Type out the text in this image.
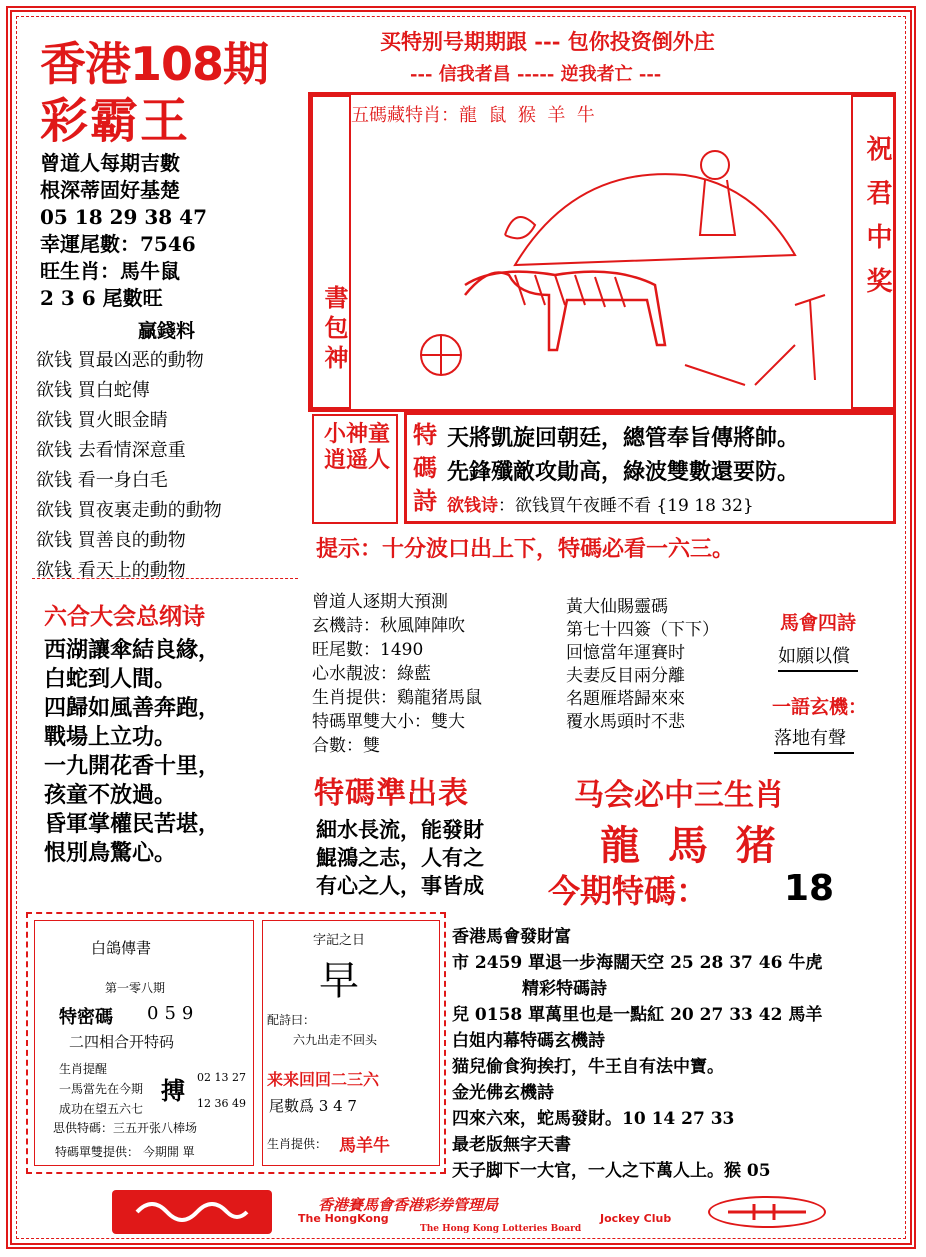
香港108期
彩霸王
曾道人每期吉數
根深蒂固好基楚
05 18 29 38 47
幸運尾數：7546
旺生肖：馬牛鼠
2 3 6 尾數旺
贏錢料
欲钱 買最凶恶的動物
欲钱 買白蛇傳
欲钱 買火眼金睛
欲钱 去看情深意重
欲钱 看一身白毛
欲钱 買夜裏走動的動物
欲钱 買善良的動物
欲钱 看天上的動物
买特别号期期跟 --- 包你投资倒外庄
--- 信我者昌 ----- 逆我者亡 ---
五碼藏特肖：龍  鼠  猴  羊  牛
祝君中奖
書包神
小神童 逍遥人
特
碼
詩
天將凱旋回朝廷，總管奉旨傳將帥。
先鋒殲敵攻勛高，綠波雙數還要防。
欲钱诗：欲钱買午夜睡不看 {19 18 32}
提示：十分波口出上下，特碼必看一六三。
六合大会总纲诗
西湖讓傘結良緣，
白蛇到人間。
四歸如風善奔跑，
戰場上立功。
一九開花香十里，
孩童不放過。
昏軍掌權民苦堪，
恨別鳥驚心。
曾道人逐期大預測
玄機詩：秋風陣陣吹
旺尾數：1490
心水靚波：綠藍
生肖提供：鷄龍猪馬鼠
特碼單雙大小：雙大
合數：雙
黃大仙賜靈碼
第七十四簽（下下）
回憶當年運賽时
夫妻反目兩分離
名題雁塔歸來來
覆水馬頭时不悲
馬會四詩
如願以償
一語玄機：
落地有聲
特碼準出表
細水長流，能發財
鯤鴻之志，人有之
有心之人，事皆成
马会必中三生肖
龍  馬  猪
今期特碼： 18
白鴿傳書
第一零八期
特密碼 059
二四相合开特码
生肖提醒
一馬當先在今期
成功在望五六七
搏 02 13 27
12 36 49
思供特碼：三五开张八棒场
特碼單雙提供： 今期開 單
字記之日
早
配詩曰：
六九出走不回头
来来回回二三六
尾數爲 3 4 7
生肖提供： 馬羊牛
香港馬會發財富
市 2459 單退一步海闊天空 25 28 37 46 牛虎
精彩特碼詩
兒 0158 單萬里也是一點紅 20 27 33 42 馬羊
白姐内幕特碼玄機詩
猫兒偷食狗挨打，牛王自有法中寶。
金光佛玄機詩
四來六來，蛇馬發財。10 14 27 33
最老版無字天書
天子脚下一大官，一人之下萬人上。猴 05
香港賽馬會香港彩券管理局
The HongKong	Jockey Club
The Hong Kong Lotteries Board
